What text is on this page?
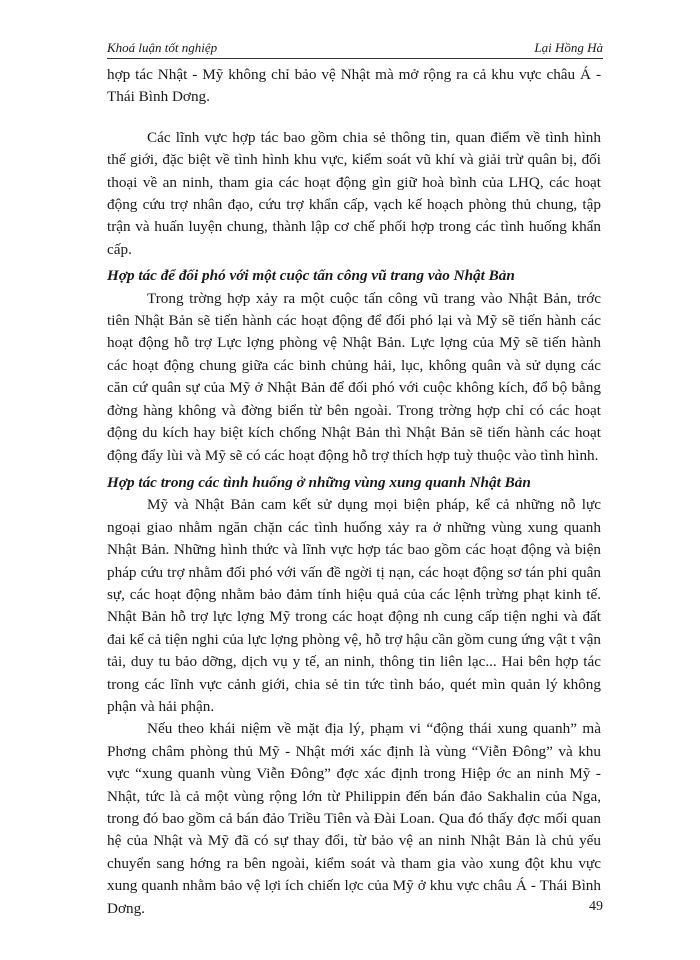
Khoá luận tốt nghiệp	Lại Hồng Hà

hợp tác Nhật - Mỹ không chỉ bảo vệ Nhật mà mở rộng ra cả khu vực châu Á - Thái Bình Dơng.

Các lĩnh vực hợp tác bao gồm chia sẻ thông tin, quan điểm về tình hình thế giới, đặc biệt về tình hình khu vực, kiểm soát vũ khí và giải trừ quân bị, đối thoại về an ninh, tham gia các hoạt động gìn giữ hoà bình của LHQ, các hoạt động cứu trợ nhân đạo, cứu trợ khẩn cấp, vạch kế hoạch phòng thủ chung, tập trận và huấn luyện chung, thành lập cơ chế phối hợp trong các tình huống khẩn cấp.

Hợp tác để đối phó với một cuộc tấn công vũ trang vào Nhật Bản

Trong trờng hợp xảy ra một cuộc tấn công vũ trang vào Nhật Bản, trớc tiên Nhật Bản sẽ tiến hành các hoạt động để đối phó lại và Mỹ sẽ tiến hành các hoạt động hỗ trợ Lực lợng phòng vệ Nhật Bản. Lực lợng của Mỹ sẽ tiến hành các hoạt động chung giữa các binh chủng hải, lục, không quân và sử dụng các căn cứ quân sự của Mỹ ở Nhật Bản để đối phó với cuộc không kích, đổ bộ bằng đờng hàng không và đờng biển từ bên ngoài. Trong trờng hợp chỉ có các hoạt động du kích hay biệt kích chống Nhật Bản thì Nhật Bản sẽ tiến hành các hoạt động đẩy lùi và Mỹ sẽ có các hoạt động hỗ trợ thích hợp tuỳ thuộc vào tình hình.

Hợp tác trong các tình huống ở những vùng xung quanh Nhật Bản

Mỹ và Nhật Bản cam kết sử dụng mọi biện pháp, kể cả những nỗ lực ngoại giao nhằm ngăn chặn các tình huống xảy ra ở những vùng xung quanh Nhật Bản. Những hình thức và lĩnh vực hợp tác bao gồm các hoạt động và biện pháp cứu trợ nhằm đối phó với vấn đề ngời tị nạn, các hoạt động sơ tán phi quân sự, các hoạt động nhằm bảo đảm tính hiệu quả của các lệnh trừng phạt kinh tế. Nhật Bản hỗ trợ lực lợng Mỹ trong các hoạt động nh cung cấp tiện nghi và đất đai kể cả tiện nghi của lực lợng phòng vệ, hỗ trợ hậu cần gồm cung ứng vật t vận tải, duy tu bảo dỡng, dịch vụ y tế, an ninh, thông tin liên lạc... Hai bên hợp tác trong các lĩnh vực cảnh giới, chia sẻ tin tức tình báo, quét mìn quản lý không phận và hải phận.

Nếu theo khái niệm về mặt địa lý, phạm vi “động thái xung quanh” mà Phơng châm phòng thủ Mỹ - Nhật mới xác định là vùng “Viễn Đông” và khu vực “xung quanh vùng Viễn Đông” đợc xác định trong Hiệp ớc an ninh Mỹ - Nhật, tức là cả một vùng rộng lớn từ Philippin đến bán đảo Sakhalin của Nga, trong đó bao gồm cả bán đảo Triều Tiên và Đài Loan. Qua đó thấy đợc mối quan hệ của Nhật và Mỹ đã có sự thay đổi, từ bảo vệ an ninh Nhật Bản là chủ yếu chuyển sang hớng ra bên ngoài, kiểm soát và tham gia vào xung đột khu vực xung quanh nhằm bảo vệ lợi ích chiến lợc của Mỹ ở khu vực châu Á - Thái Bình Dơng.	49
